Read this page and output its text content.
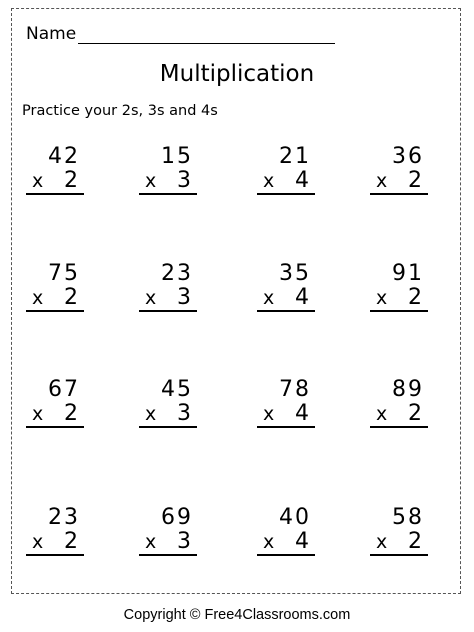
Name
Multiplication
Practice your 2s, 3s and 4s
42
x 2
15
x 3
21
x 4
36
x 2
75
x 2
23
x 3
35
x 4
91
x 2
67
x 2
45
x 3
78
x 4
89
x 2
23
x 2
69
x 3
40
x 4
58
x 2
Copyright © Free4Classrooms.com
